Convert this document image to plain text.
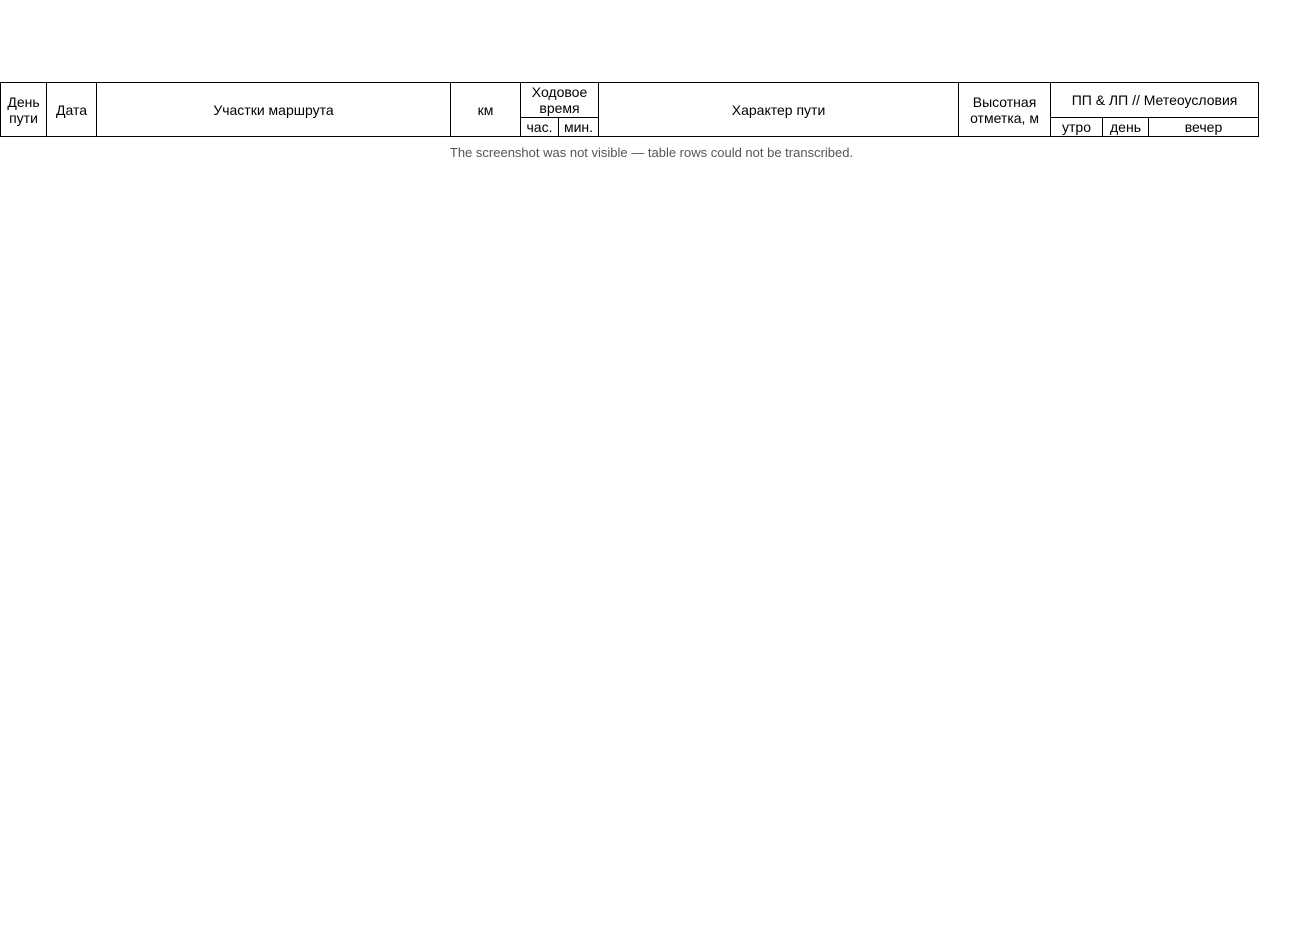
День пути	Дата	Участки маршрута	км	Ходовое время		Характер пути	Высотная отметка, м	ПП & ЛП // Метеоусловия		
				час.	мин.			утро	день	вечер
The screenshot was not visible — table rows could not be transcribed.
